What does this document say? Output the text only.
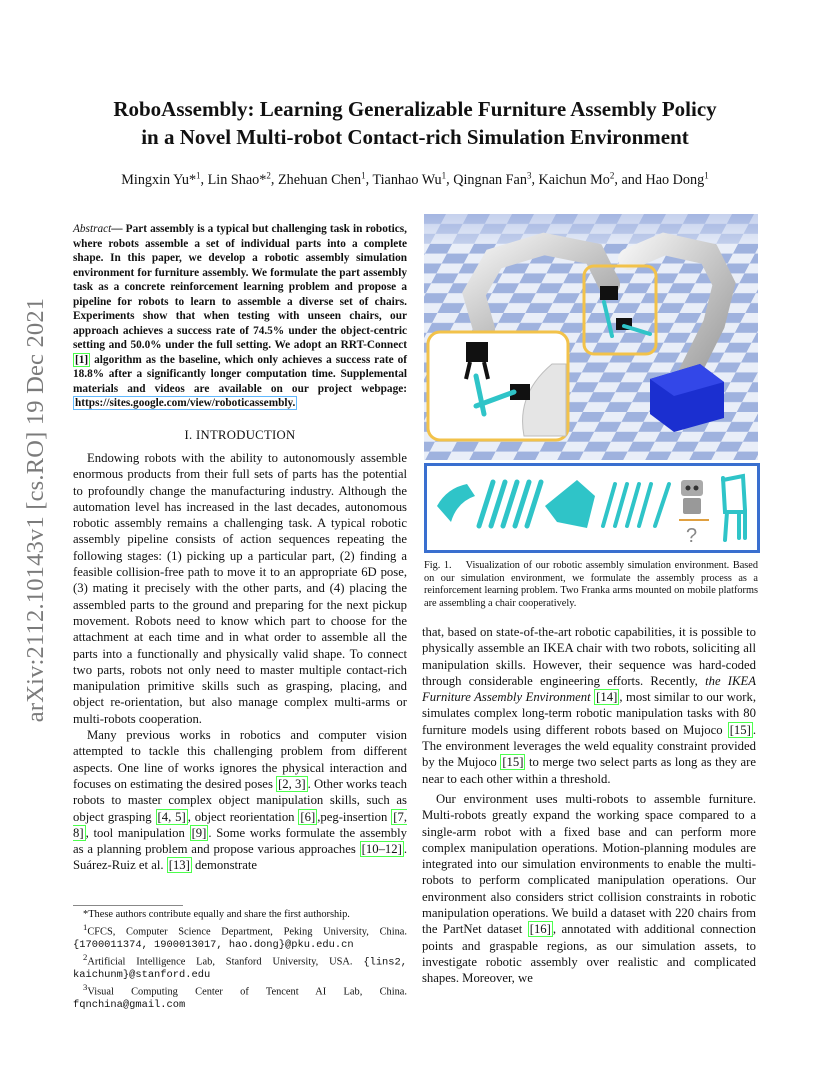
arXiv:2112.10143v1 [cs.RO] 19 Dec 2021
RoboAssembly: Learning Generalizable Furniture Assembly Policy
in a Novel Multi-robot Contact-rich Simulation Environment
Mingxin Yu*$^1$, Lin Shao*$^2$, Zhehuan Chen$^1$, Tianhao Wu$^1$, Qingnan Fan$^3$, Kaichun Mo$^2$, and Hao Dong$^1$
Abstract— Part assembly is a typical but challenging task in robotics, where robots assemble a set of individual parts into a complete shape. In this paper, we develop a robotic assembly simulation environment for furniture assembly. We formulate the part assembly task as a concrete reinforcement learning problem and propose a pipeline for robots to learn to assemble a diverse set of chairs. Experiments show that when testing with unseen chairs, our approach achieves a success rate of 74.5% under the object-centric setting and 50.0% under the full setting. We adopt an RRT-Connect [1] algorithm as the baseline, which only achieves a success rate of 18.8% after a significantly longer computation time. Supplemental materials and videos are available on our project webpage: https://sites.google.com/view/roboticassembly.
I. INTRODUCTION

Endowing robots with the ability to autonomously assemble enormous products from their full sets of parts has the potential to profoundly change the manufacturing industry. Although the automation level has increased in the last decades, autonomous robotic assembly remains a challenging task. A typical robotic assembly pipeline consists of action sequences repeating the following stages: (1) picking up a particular part, (2) finding a feasible collision-free path to move it to an appropriate 6D pose, (3) mating it precisely with the other parts, and (4) placing the assembled parts to the ground and preparing for the next pickup movement. Robots need to know which part to choose for the attachment at each time and in what order to assemble all the parts into a functionally and physically valid shape. To connect two parts, robots not only need to master multiple contact-rich manipulation primitive skills such as grasping, placing, and object re-orientation, but also manage complex multi-arms or multi-robots cooperation.

Many previous works in robotics and computer vision attempted to tackle this challenging problem from different aspects. One line of works ignores the physical interaction and focuses on estimating the desired poses [2, 3] . Other works teach robots to master complex object manipulation skills, such as object grasping [4, 5] , object reorientation [6] ,peg-insertion [7, 8] , tool manipulation [9] . Some works formulate the assembly as a planning problem and propose various approaches [10–12] . Suárez-Ruiz et al. [13] demonstrate

*These authors contribute equally and share the first authorship.
$^1$CFCS, Computer Science Department, Peking University, China. {1700011374, 1900013017, hao.dong}@pku.edu.cn
$^2$Artificial Intelligence Lab, Stanford University, USA. {lins2, kaichunm}@stanford.edu
$^3$Visual Computing Center of Tencent AI Lab, China. fqnchina@gmail.com
?
Fig. 1. Visualization of our robotic assembly simulation environment. Based on our simulation environment, we formulate the assembly process as a reinforcement learning problem. Two Franka arms mounted on mobile platforms are assembling a chair cooperatively.

that, based on state-of-the-art robotic capabilities, it is possible to physically assemble an IKEA chair with two robots, soliciting all manipulation skills. However, their sequence was hard-coded through considerable engineering efforts. Recently, the IKEA Furniture Assembly Environment [14] , most similar to our work, simulates complex long-term robotic manipulation tasks with 80 furniture models using different robots based on Mujoco [15] . The environment leverages the weld equality constraint provided by the Mujoco [15] to merge two select parts as long as they are near to each other within a threshold.

Our environment uses multi-robots to assemble furniture. Multi-robots greatly expand the working space compared to a single-arm robot with a fixed base and can perform more complex manipulation operations. Motion-planning modules are integrated into our simulation environments to enable the multi-robots to perform complicated manipulation operations. Our environment also considers strict collision constraints in robotic manipulation operations. We build a dataset with 220 chairs from the PartNet dataset [16] , annotated with additional connection points and graspable regions, as our simulation assets, to investigate robotic assembly over realistic and complicated shapes. Moreover, we
